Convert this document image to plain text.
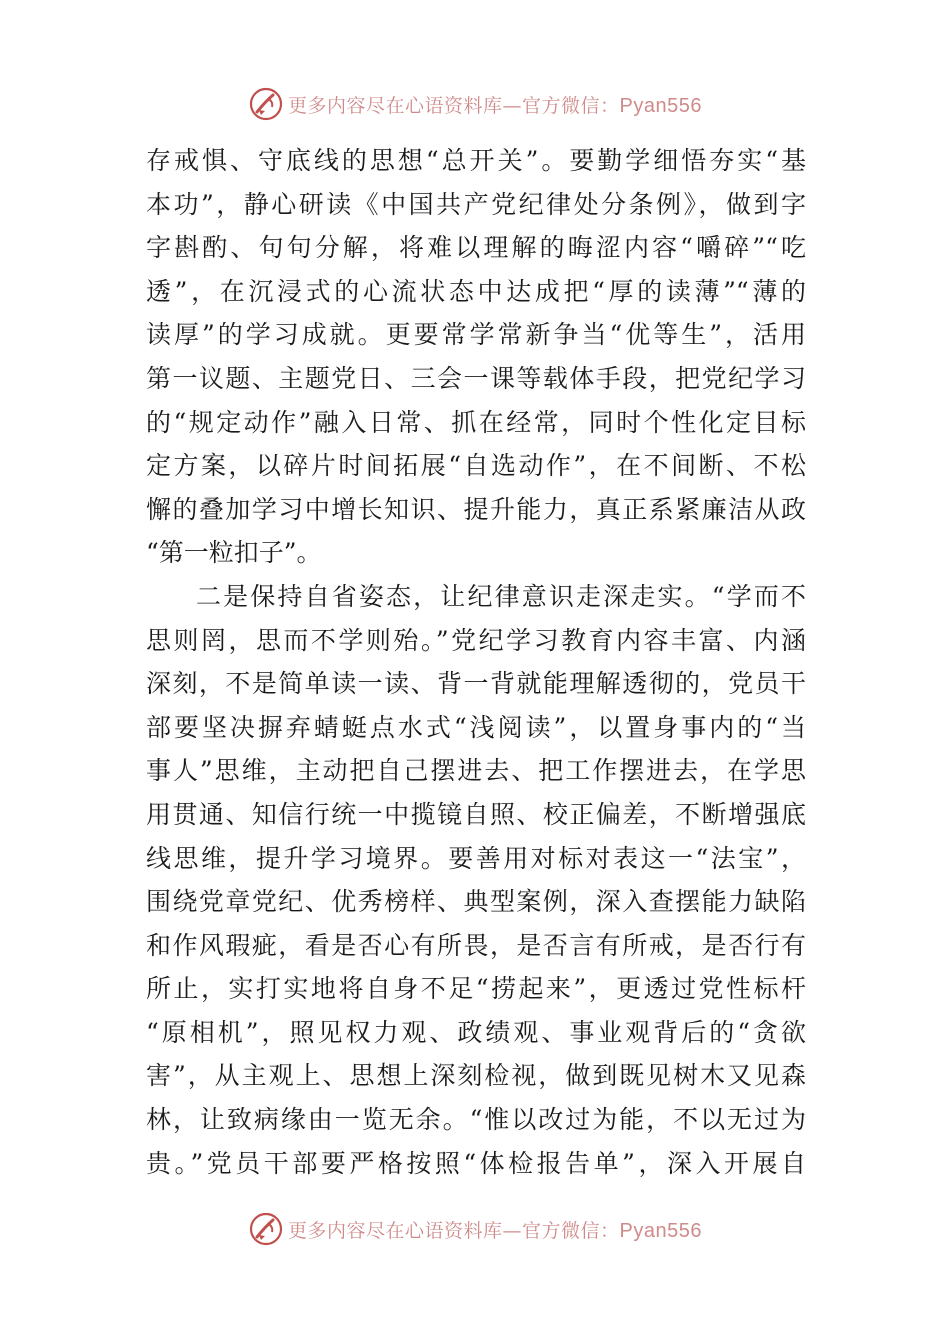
更多内容尽在心语资料库—官方微信：Pyan556
存戒惧、守底线的思想“总开关”。要勤学细悟夯实“基
本功”，静心研读《中国共产党纪律处分条例》，做到字
字斟酌、句句分解，将难以理解的晦涩内容“嚼碎”“吃
透”，在沉浸式的心流状态中达成把“厚的读薄”“薄的
读厚”的学习成就。更要常学常新争当“优等生”，活用
第一议题、主题党日、三会一课等载体手段，把党纪学习
的“规定动作”融入日常、抓在经常，同时个性化定目标
定方案，以碎片时间拓展“自选动作”，在不间断、不松
懈的叠加学习中增长知识、提升能力，真正系紧廉洁从政
“第一粒扣子”。
二是保持自省姿态，让纪律意识走深走实。“学而不
思则罔，思而不学则殆。”党纪学习教育内容丰富、内涵
深刻，不是简单读一读、背一背就能理解透彻的，党员干
部要坚决摒弃蜻蜓点水式“浅阅读”，以置身事内的“当
事人”思维，主动把自己摆进去、把工作摆进去，在学思
用贯通、知信行统一中揽镜自照、校正偏差，不断增强底
线思维，提升学习境界。要善用对标对表这一“法宝”，
围绕党章党纪、优秀榜样、典型案例，深入查摆能力缺陷
和作风瑕疵，看是否心有所畏，是否言有所戒，是否行有
所止，实打实地将自身不足“捞起来”，更透过党性标杆
“原相机”，照见权力观、政绩观、事业观背后的“贪欲
害”，从主观上、思想上深刻检视，做到既见树木又见森
林，让致病缘由一览无余。“惟以改过为能，不以无过为
贵。”党员干部要严格按照“体检报告单”，深入开展自
更多内容尽在心语资料库—官方微信：Pyan556
